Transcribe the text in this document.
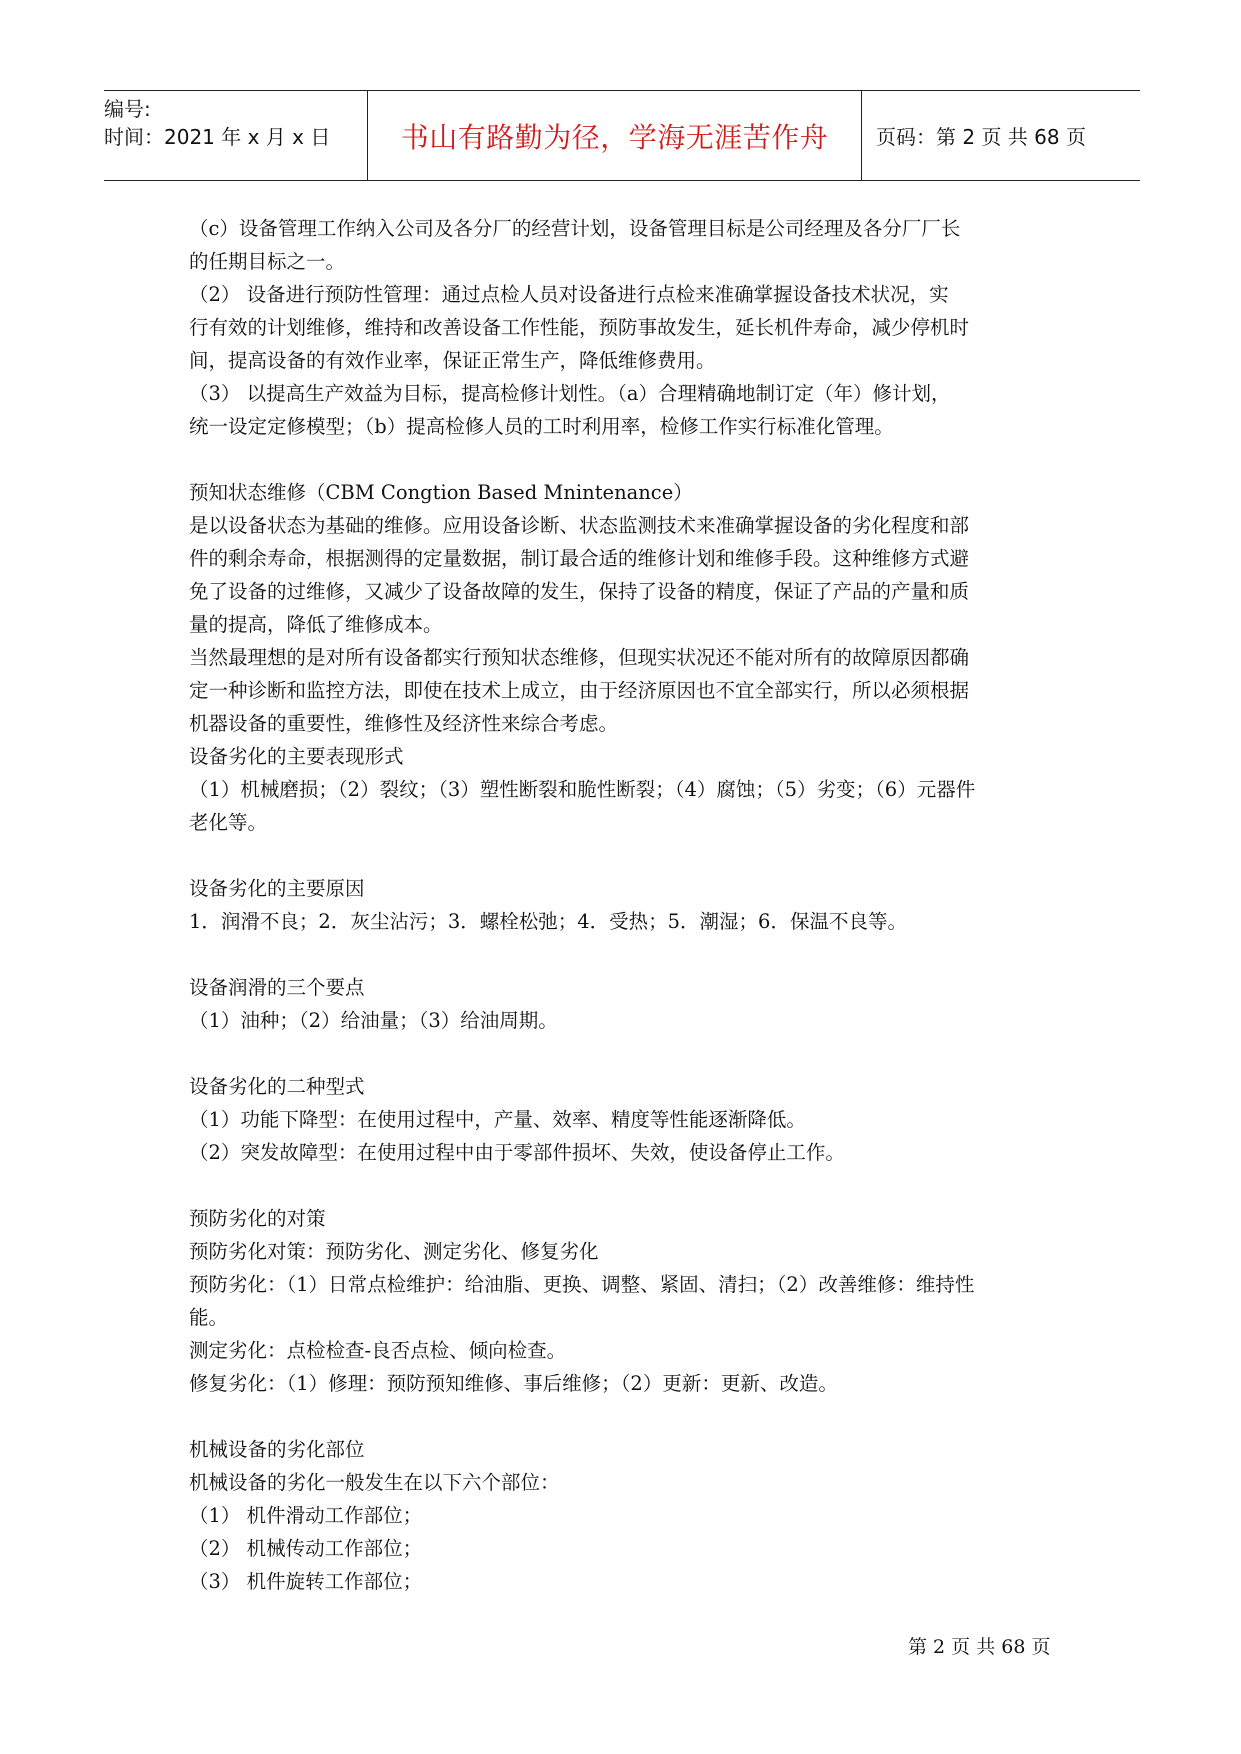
编号:
时间：2021 年 x 月 x 日	书山有路勤为径，学海无涯苦作舟 页码：第 2 页 共 68 页
（c）设备管理工作纳入公司及各分厂的经营计划，设备管理目标是公司经理及各分厂厂长
的任期目标之一。
（2） 设备进行预防性管理：通过点检人员对设备进行点检来准确掌握设备技术状况，实
行有效的计划维修，维持和改善设备工作性能，预防事故发生，延长机件寿命，减少停机时
间，提高设备的有效作业率，保证正常生产，降低维修费用。
（3） 以提高生产效益为目标，提高检修计划性。（a）合理精确地制订定（年）修计划，
统一设定定修模型；（b）提高检修人员的工时利用率，检修工作实行标准化管理。
预知状态维修（CBM Congtion Based Mnintenance）
是以设备状态为基础的维修。应用设备诊断、状态监测技术来准确掌握设备的劣化程度和部
件的剩余寿命，根据测得的定量数据，制订最合适的维修计划和维修手段。这种维修方式避
免了设备的过维修，又减少了设备故障的发生，保持了设备的精度，保证了产品的产量和质
量的提高，降低了维修成本。
当然最理想的是对所有设备都实行预知状态维修，但现实状况还不能对所有的故障原因都确
定一种诊断和监控方法，即使在技术上成立，由于经济原因也不宜全部实行，所以必须根据
机器设备的重要性，维修性及经济性来综合考虑。
设备劣化的主要表现形式
（1）机械磨损；（2）裂纹；（3）塑性断裂和脆性断裂；（4）腐蚀；（5）劣变；（6）元器件
老化等。
设备劣化的主要原因
1．润滑不良；2．灰尘沾污；3．螺栓松弛；4．受热；5．潮湿；6．保温不良等。
设备润滑的三个要点
（1）油种；（2）给油量；（3）给油周期。
设备劣化的二种型式
（1）功能下降型：在使用过程中，产量、效率、精度等性能逐渐降低。
（2）突发故障型：在使用过程中由于零部件损坏、失效，使设备停止工作。
预防劣化的对策
预防劣化对策：预防劣化、测定劣化、修复劣化
预防劣化：（1）日常点检维护：给油脂、更换、调整、紧固、清扫；（2）改善维修：维持性
能。
测定劣化：点检检查-良否点检、倾向检查。
修复劣化：（1）修理：预防预知维修、事后维修；（2）更新：更新、改造。
机械设备的劣化部位
机械设备的劣化一般发生在以下六个部位：
（1） 机件滑动工作部位；
（2） 机械传动工作部位；
（3） 机件旋转工作部位；
第 2 页 共 68 页
